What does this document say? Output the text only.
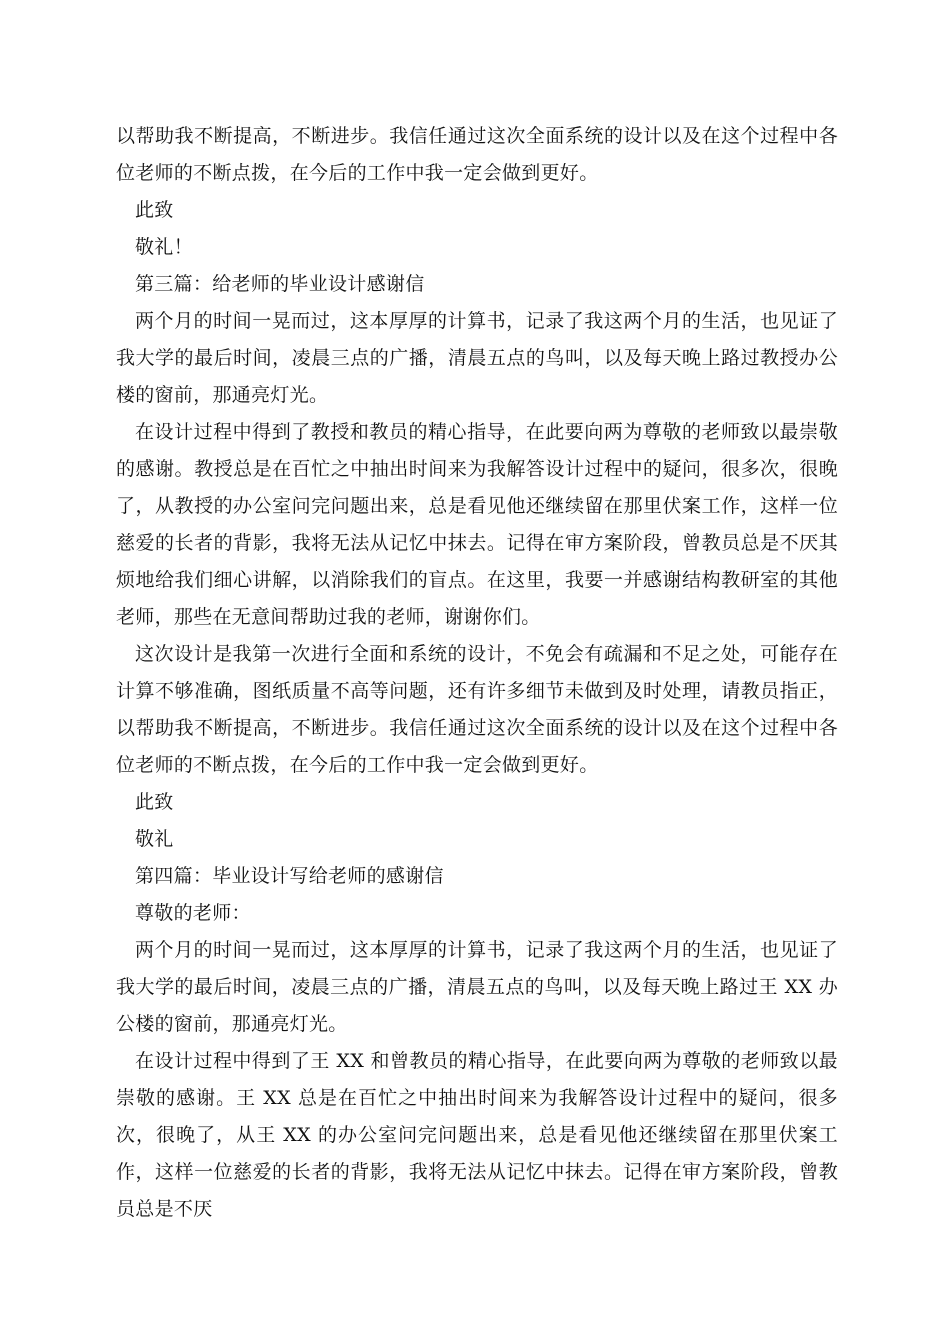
以帮助我不断提高，不断进步。我信任通过这次全面系统的设计以及在这个过程中各位老师的不断点拨，在今后的工作中我一定会做到更好。

此致

敬礼！

第三篇：给老师的毕业设计感谢信

两个月的时间一晃而过，这本厚厚的计算书，记录了我这两个月的生活，也见证了我大学的最后时间，凌晨三点的广播，清晨五点的鸟叫，以及每天晚上路过教授办公楼的窗前，那通亮灯光。

在设计过程中得到了教授和教员的精心指导，在此要向两为尊敬的老师致以最崇敬的感谢。教授总是在百忙之中抽出时间来为我解答设计过程中的疑问，很多次，很晚了，从教授的办公室问完问题出来，总是看见他还继续留在那里伏案工作，这样一位慈爱的长者的背影，我将无法从记忆中抹去。记得在审方案阶段，曾教员总是不厌其烦地给我们细心讲解，以消除我们的盲点。在这里，我要一并感谢结构教研室的其他老师，那些在无意间帮助过我的老师，谢谢你们。

这次设计是我第一次进行全面和系统的设计，不免会有疏漏和不足之处，可能存在计算不够准确，图纸质量不高等问题，还有许多细节未做到及时处理，请教员指正，以帮助我不断提高，不断进步。我信任通过这次全面系统的设计以及在这个过程中各位老师的不断点拨，在今后的工作中我一定会做到更好。

此致

敬礼

第四篇：毕业设计写给老师的感谢信

尊敬的老师：

两个月的时间一晃而过，这本厚厚的计算书，记录了我这两个月的生活，也见证了我大学的最后时间，凌晨三点的广播，清晨五点的鸟叫，以及每天晚上路过王 XX 办公楼的窗前，那通亮灯光。

在设计过程中得到了王 XX 和曾教员的精心指导，在此要向两为尊敬的老师致以最崇敬的感谢。王 XX 总是在百忙之中抽出时间来为我解答设计过程中的疑问，很多次，很晚了，从王 XX 的办公室问完问题出来，总是看见他还继续留在那里伏案工作，这样一位慈爱的长者的背影，我将无法从记忆中抹去。记得在审方案阶段，曾教员总是不厌
